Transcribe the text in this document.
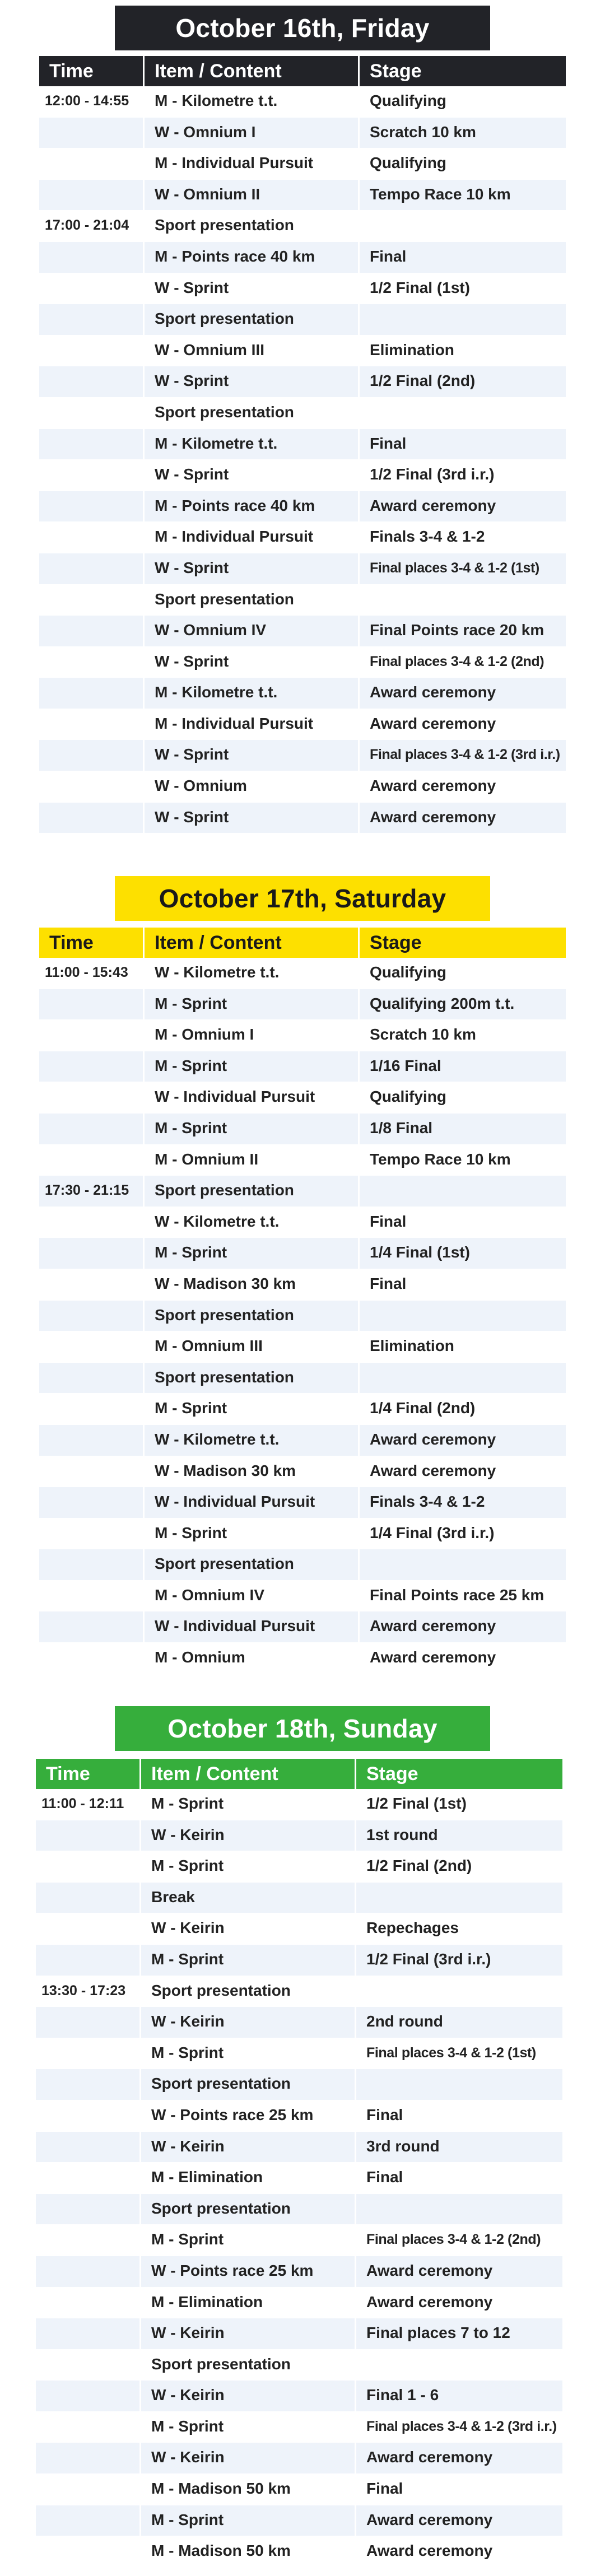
October 16th, Friday
Time	Item / Content	Stage
12:00 - 14:55	M - Kilometre t.t.	Qualifying
W - Omnium I	Scratch 10 km
M - Individual Pursuit	Qualifying
W - Omnium II	Tempo Race 10 km
17:00 - 21:04	Sport presentation
M - Points race 40 km	Final
W - Sprint	1/2 Final (1st)
Sport presentation
W - Omnium III	Elimination
W - Sprint	1/2 Final (2nd)
Sport presentation
M - Kilometre t.t.	Final
W - Sprint	1/2 Final (3rd i.r.)
M - Points race 40 km	Award ceremony
M - Individual Pursuit	Finals 3-4 & 1-2
W - Sprint	Final places 3-4 & 1-2 (1st)
Sport presentation
W - Omnium IV	Final Points race 20 km
W - Sprint	Final places 3-4 & 1-2 (2nd)
M - Kilometre t.t.	Award ceremony
M - Individual Pursuit	Award ceremony
W - Sprint	Final places 3-4 & 1-2 (3rd i.r.)
W - Omnium	Award ceremony
W - Sprint	Award ceremony
October 17th, Saturday
Time	Item / Content	Stage
11:00 - 15:43	W - Kilometre t.t.	Qualifying
M - Sprint	Qualifying 200m t.t.
M - Omnium I	Scratch 10 km
M - Sprint	1/16 Final
W - Individual Pursuit	Qualifying
M - Sprint	1/8 Final
M - Omnium II	Tempo Race 10 km
17:30 - 21:15	Sport presentation
W - Kilometre t.t.	Final
M - Sprint	1/4 Final (1st)
W - Madison 30 km	Final
Sport presentation
M - Omnium III	Elimination
Sport presentation
M - Sprint	1/4 Final (2nd)
W - Kilometre t.t.	Award ceremony
W - Madison 30 km	Award ceremony
W - Individual Pursuit	Finals 3-4 & 1-2
M - Sprint	1/4 Final (3rd i.r.)
Sport presentation
M - Omnium IV	Final Points race 25 km
W - Individual Pursuit	Award ceremony
M - Omnium	Award ceremony
October 18th, Sunday
Time	Item / Content	Stage
11:00 - 12:11	M - Sprint	1/2 Final (1st)
W - Keirin	1st round
M - Sprint	1/2 Final (2nd)
Break
W - Keirin	Repechages
M - Sprint	1/2 Final (3rd i.r.)
13:30 - 17:23	Sport presentation
W - Keirin	2nd round
M - Sprint	Final places 3-4 & 1-2 (1st)
Sport presentation
W - Points race 25 km	Final
W - Keirin	3rd round
M - Elimination	Final
Sport presentation
M - Sprint	Final places 3-4 & 1-2 (2nd)
W - Points race 25 km	Award ceremony
M - Elimination	Award ceremony
W - Keirin	Final places 7 to 12
Sport presentation
W - Keirin	Final 1 - 6
M - Sprint	Final places 3-4 & 1-2 (3rd i.r.)
W - Keirin	Award ceremony
M - Madison 50 km	Final
M - Sprint	Award ceremony
M - Madison 50 km	Award ceremony
